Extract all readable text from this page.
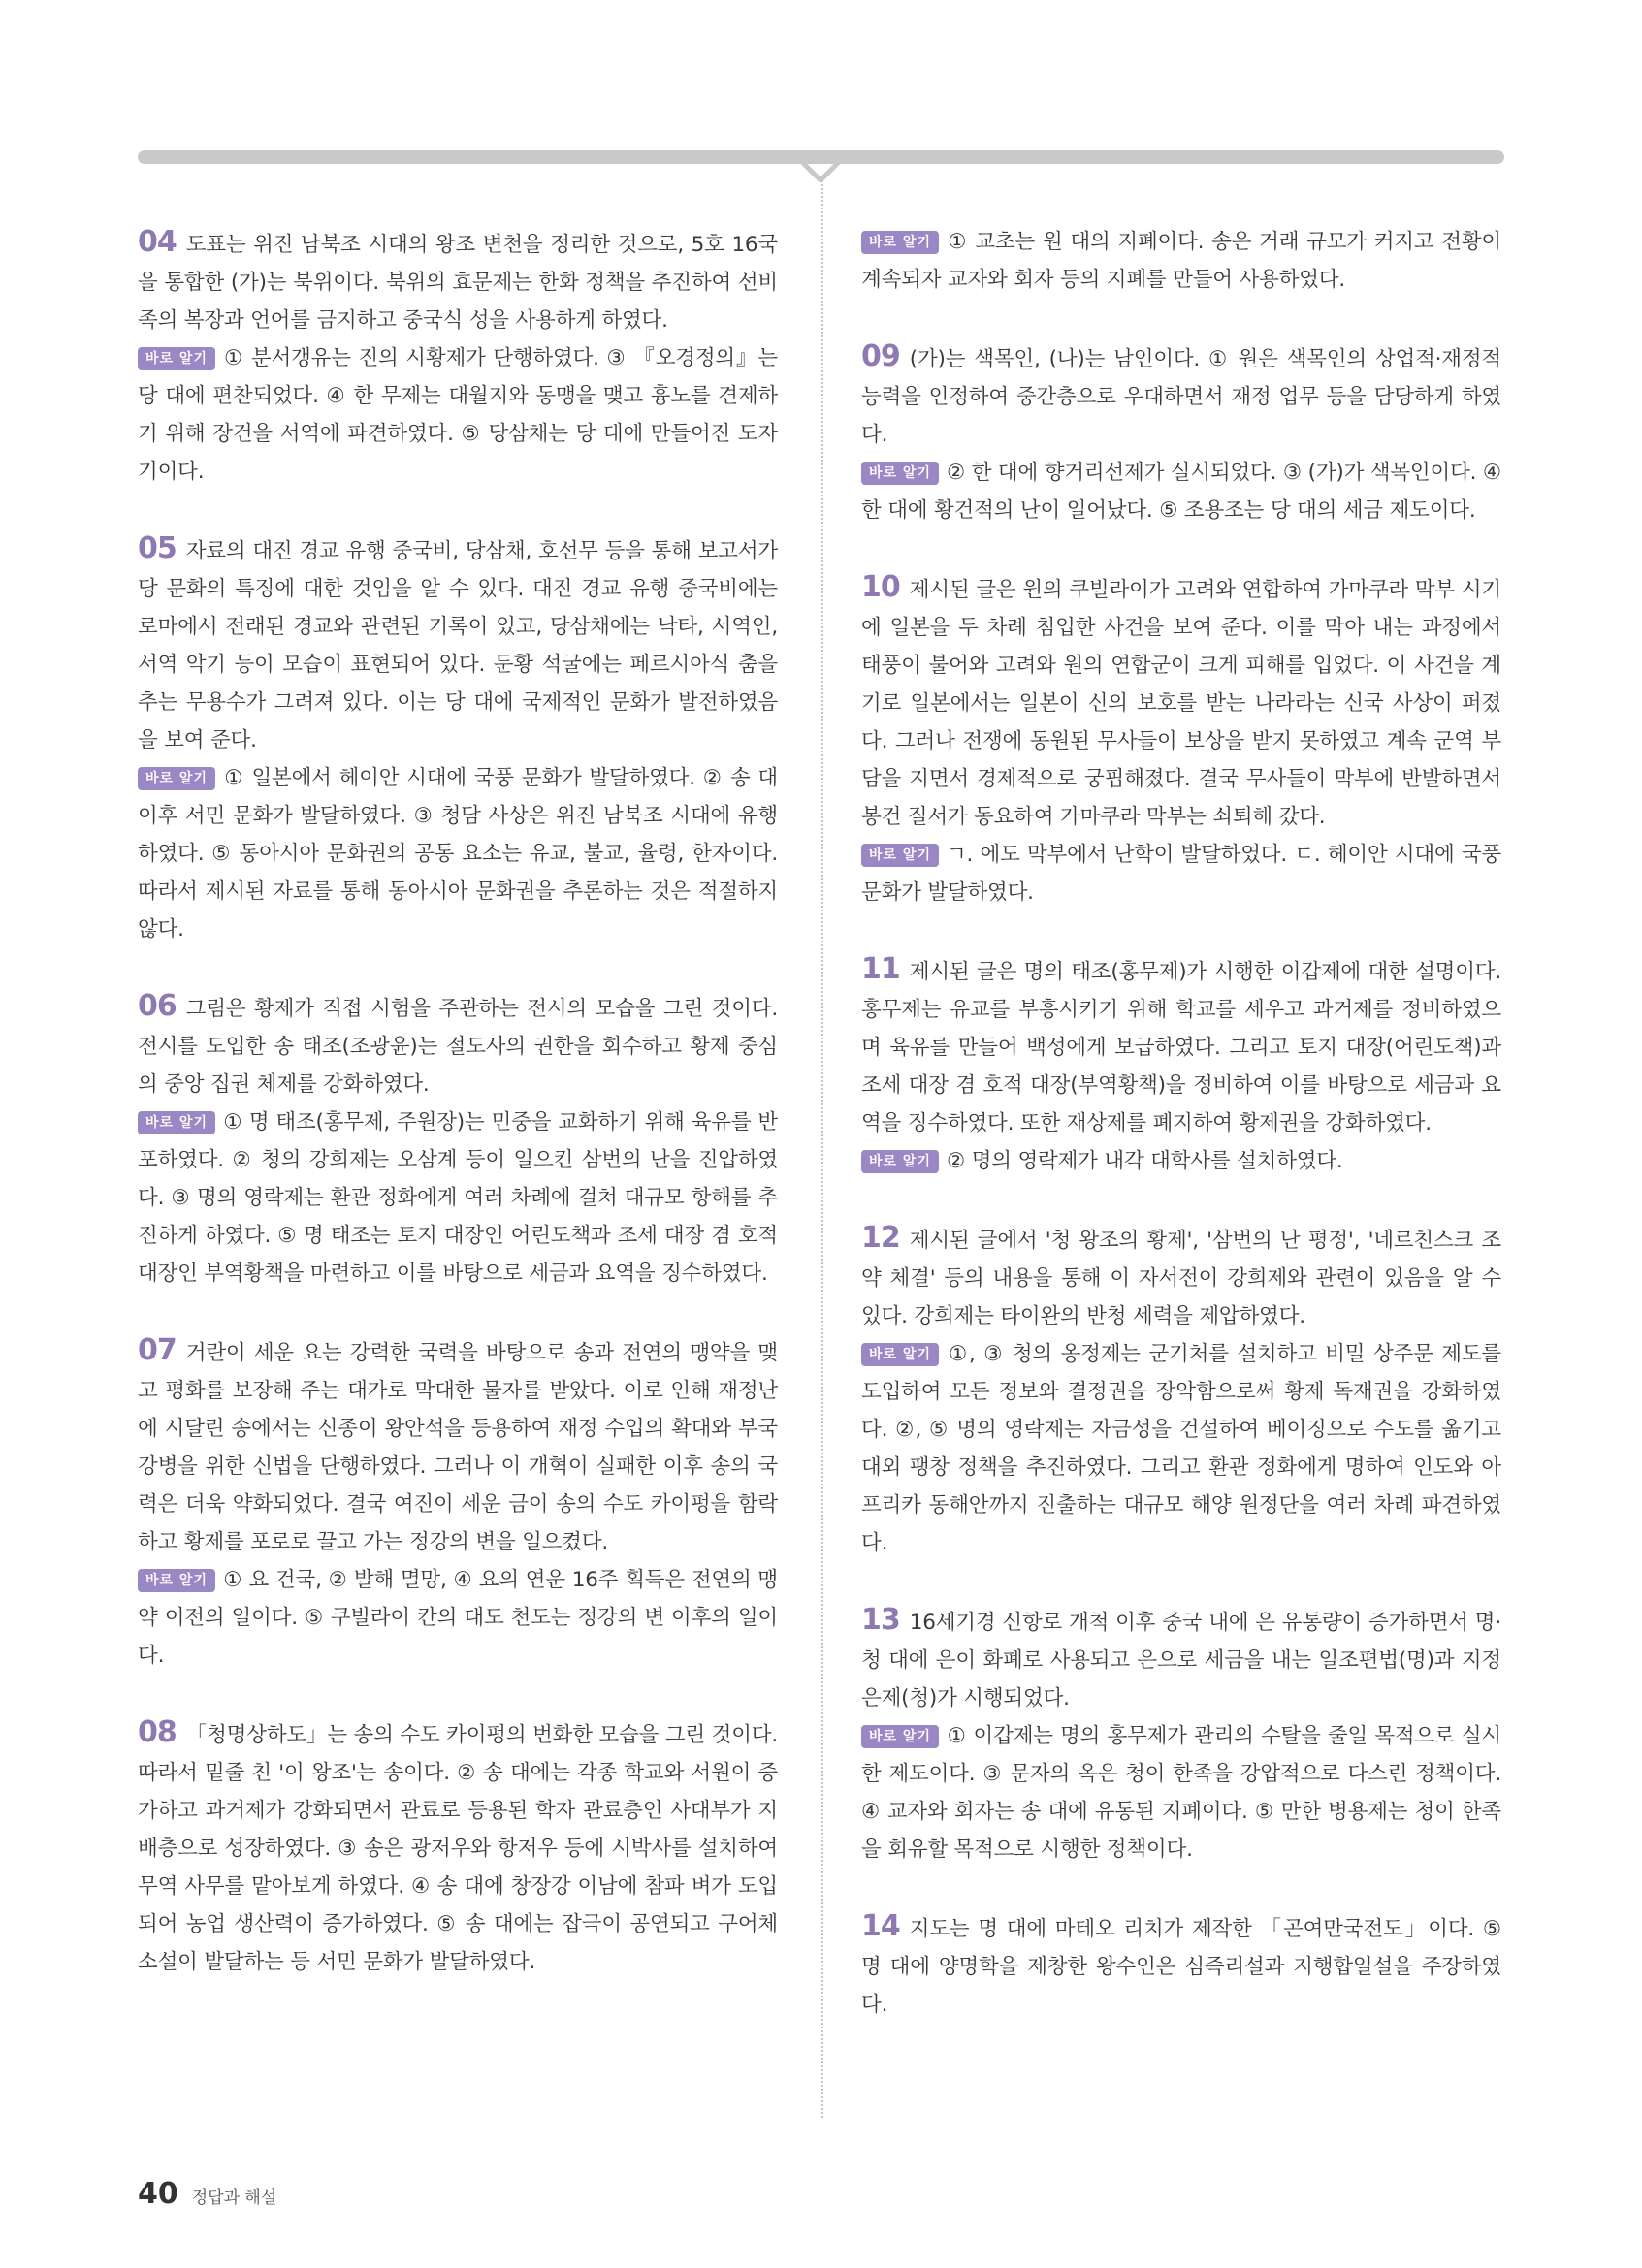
04 도표는 위진 남북조 시대의 왕조 변천을 정리한 것으로, 5호 16국을 통합한 (가)는 북위이다. 북위의 효문제는 한화 정책을 추진하여 선비족의 복장과 언어를 금지하고 중국식 성을 사용하게 하였다.

바로 알기 ① 분서갱유는 진의 시황제가 단행하였다. ③ 『오경정의』는 당 대에 편찬되었다. ④ 한 무제는 대월지와 동맹을 맺고 흉노를 견제하기 위해 장건을 서역에 파견하였다. ⑤ 당삼채는 당 대에 만들어진 도자기이다.

05 자료의 대진 경교 유행 중국비, 당삼채, 호선무 등을 통해 보고서가 당 문화의 특징에 대한 것임을 알 수 있다. 대진 경교 유행 중국비에는 로마에서 전래된 경교와 관련된 기록이 있고, 당삼채에는 낙타, 서역인, 서역 악기 등이 모습이 표현되어 있다. 둔황 석굴에는 페르시아식 춤을 추는 무용수가 그려져 있다. 이는 당 대에 국제적인 문화가 발전하였음을 보여 준다.

바로 알기 ① 일본에서 헤이안 시대에 국풍 문화가 발달하였다. ② 송 대 이후 서민 문화가 발달하였다. ③ 청담 사상은 위진 남북조 시대에 유행하였다. ⑤ 동아시아 문화권의 공통 요소는 유교, 불교, 율령, 한자이다. 따라서 제시된 자료를 통해 동아시아 문화권을 추론하는 것은 적절하지 않다.

06 그림은 황제가 직접 시험을 주관하는 전시의 모습을 그린 것이다. 전시를 도입한 송 태조(조광윤)는 절도사의 권한을 회수하고 황제 중심의 중앙 집권 체제를 강화하였다.

바로 알기 ① 명 태조(홍무제, 주원장)는 민중을 교화하기 위해 육유를 반포하였다. ② 청의 강희제는 오삼계 등이 일으킨 삼번의 난을 진압하였다. ③ 명의 영락제는 환관 정화에게 여러 차례에 걸쳐 대규모 항해를 추진하게 하였다. ⑤ 명 태조는 토지 대장인 어린도책과 조세 대장 겸 호적 대장인 부역황책을 마련하고 이를 바탕으로 세금과 요역을 징수하였다.

07 거란이 세운 요는 강력한 국력을 바탕으로 송과 전연의 맹약을 맺고 평화를 보장해 주는 대가로 막대한 물자를 받았다. 이로 인해 재정난에 시달린 송에서는 신종이 왕안석을 등용하여 재정 수입의 확대와 부국강병을 위한 신법을 단행하였다. 그러나 이 개혁이 실패한 이후 송의 국력은 더욱 약화되었다. 결국 여진이 세운 금이 송의 수도 카이펑을 함락하고 황제를 포로로 끌고 가는 정강의 변을 일으켰다.

바로 알기 ① 요 건국, ② 발해 멸망, ④ 요의 연운 16주 획득은 전연의 맹약 이전의 일이다. ⑤ 쿠빌라이 칸의 대도 천도는 정강의 변 이후의 일이다.

08 「청명상하도」는 송의 수도 카이펑의 번화한 모습을 그린 것이다. 따라서 밑줄 친 '이 왕조'는 송이다. ② 송 대에는 각종 학교와 서원이 증가하고 과거제가 강화되면서 관료로 등용된 학자 관료층인 사대부가 지배층으로 성장하였다. ③ 송은 광저우와 항저우 등에 시박사를 설치하여 무역 사무를 맡아보게 하였다. ④ 송 대에 창장강 이남에 참파 벼가 도입되어 농업 생산력이 증가하였다. ⑤ 송 대에는 잡극이 공연되고 구어체 소설이 발달하는 등 서민 문화가 발달하였다.

바로 알기 ① 교초는 원 대의 지폐이다. 송은 거래 규모가 커지고 전황이 계속되자 교자와 회자 등의 지폐를 만들어 사용하였다.

09 (가)는 색목인, (나)는 남인이다. ① 원은 색목인의 상업적·재정적 능력을 인정하여 중간층으로 우대하면서 재정 업무 등을 담당하게 하였다.

바로 알기 ② 한 대에 향거리선제가 실시되었다. ③ (가)가 색목인이다. ④ 한 대에 황건적의 난이 일어났다. ⑤ 조용조는 당 대의 세금 제도이다.

10 제시된 글은 원의 쿠빌라이가 고려와 연합하여 가마쿠라 막부 시기에 일본을 두 차례 침입한 사건을 보여 준다. 이를 막아 내는 과정에서 태풍이 불어와 고려와 원의 연합군이 크게 피해를 입었다. 이 사건을 계기로 일본에서는 일본이 신의 보호를 받는 나라라는 신국 사상이 퍼졌다. 그러나 전쟁에 동원된 무사들이 보상을 받지 못하였고 계속 군역 부담을 지면서 경제적으로 궁핍해졌다. 결국 무사들이 막부에 반발하면서 봉건 질서가 동요하여 가마쿠라 막부는 쇠퇴해 갔다.

바로 알기 ㄱ. 에도 막부에서 난학이 발달하였다. ㄷ. 헤이안 시대에 국풍 문화가 발달하였다.

11 제시된 글은 명의 태조(홍무제)가 시행한 이갑제에 대한 설명이다. 홍무제는 유교를 부흥시키기 위해 학교를 세우고 과거제를 정비하였으며 육유를 만들어 백성에게 보급하였다. 그리고 토지 대장(어린도책)과 조세 대장 겸 호적 대장(부역황책)을 정비하여 이를 바탕으로 세금과 요역을 징수하였다. 또한 재상제를 폐지하여 황제권을 강화하였다.

바로 알기 ② 명의 영락제가 내각 대학사를 설치하였다.

12 제시된 글에서 '청 왕조의 황제', '삼번의 난 평정', '네르친스크 조약 체결' 등의 내용을 통해 이 자서전이 강희제와 관련이 있음을 알 수 있다. 강희제는 타이완의 반청 세력을 제압하였다.

바로 알기 ①, ③ 청의 옹정제는 군기처를 설치하고 비밀 상주문 제도를 도입하여 모든 정보와 결정권을 장악함으로써 황제 독재권을 강화하였다. ②, ⑤ 명의 영락제는 자금성을 건설하여 베이징으로 수도를 옮기고 대외 팽창 정책을 추진하였다. 그리고 환관 정화에게 명하여 인도와 아프리카 동해안까지 진출하는 대규모 해양 원정단을 여러 차례 파견하였다.

13 16세기경 신항로 개척 이후 중국 내에 은 유통량이 증가하면서 명·청 대에 은이 화폐로 사용되고 은으로 세금을 내는 일조편법(명)과 지정은제(청)가 시행되었다.

바로 알기 ① 이갑제는 명의 홍무제가 관리의 수탈을 줄일 목적으로 실시한 제도이다. ③ 문자의 옥은 청이 한족을 강압적으로 다스린 정책이다. ④ 교자와 회자는 송 대에 유통된 지폐이다. ⑤ 만한 병용제는 청이 한족을 회유할 목적으로 시행한 정책이다.

14 지도는 명 대에 마테오 리치가 제작한 「곤여만국전도」이다. ⑤ 명 대에 양명학을 제창한 왕수인은 심즉리설과 지행합일설을 주장하였다.

40 정답과 해설
